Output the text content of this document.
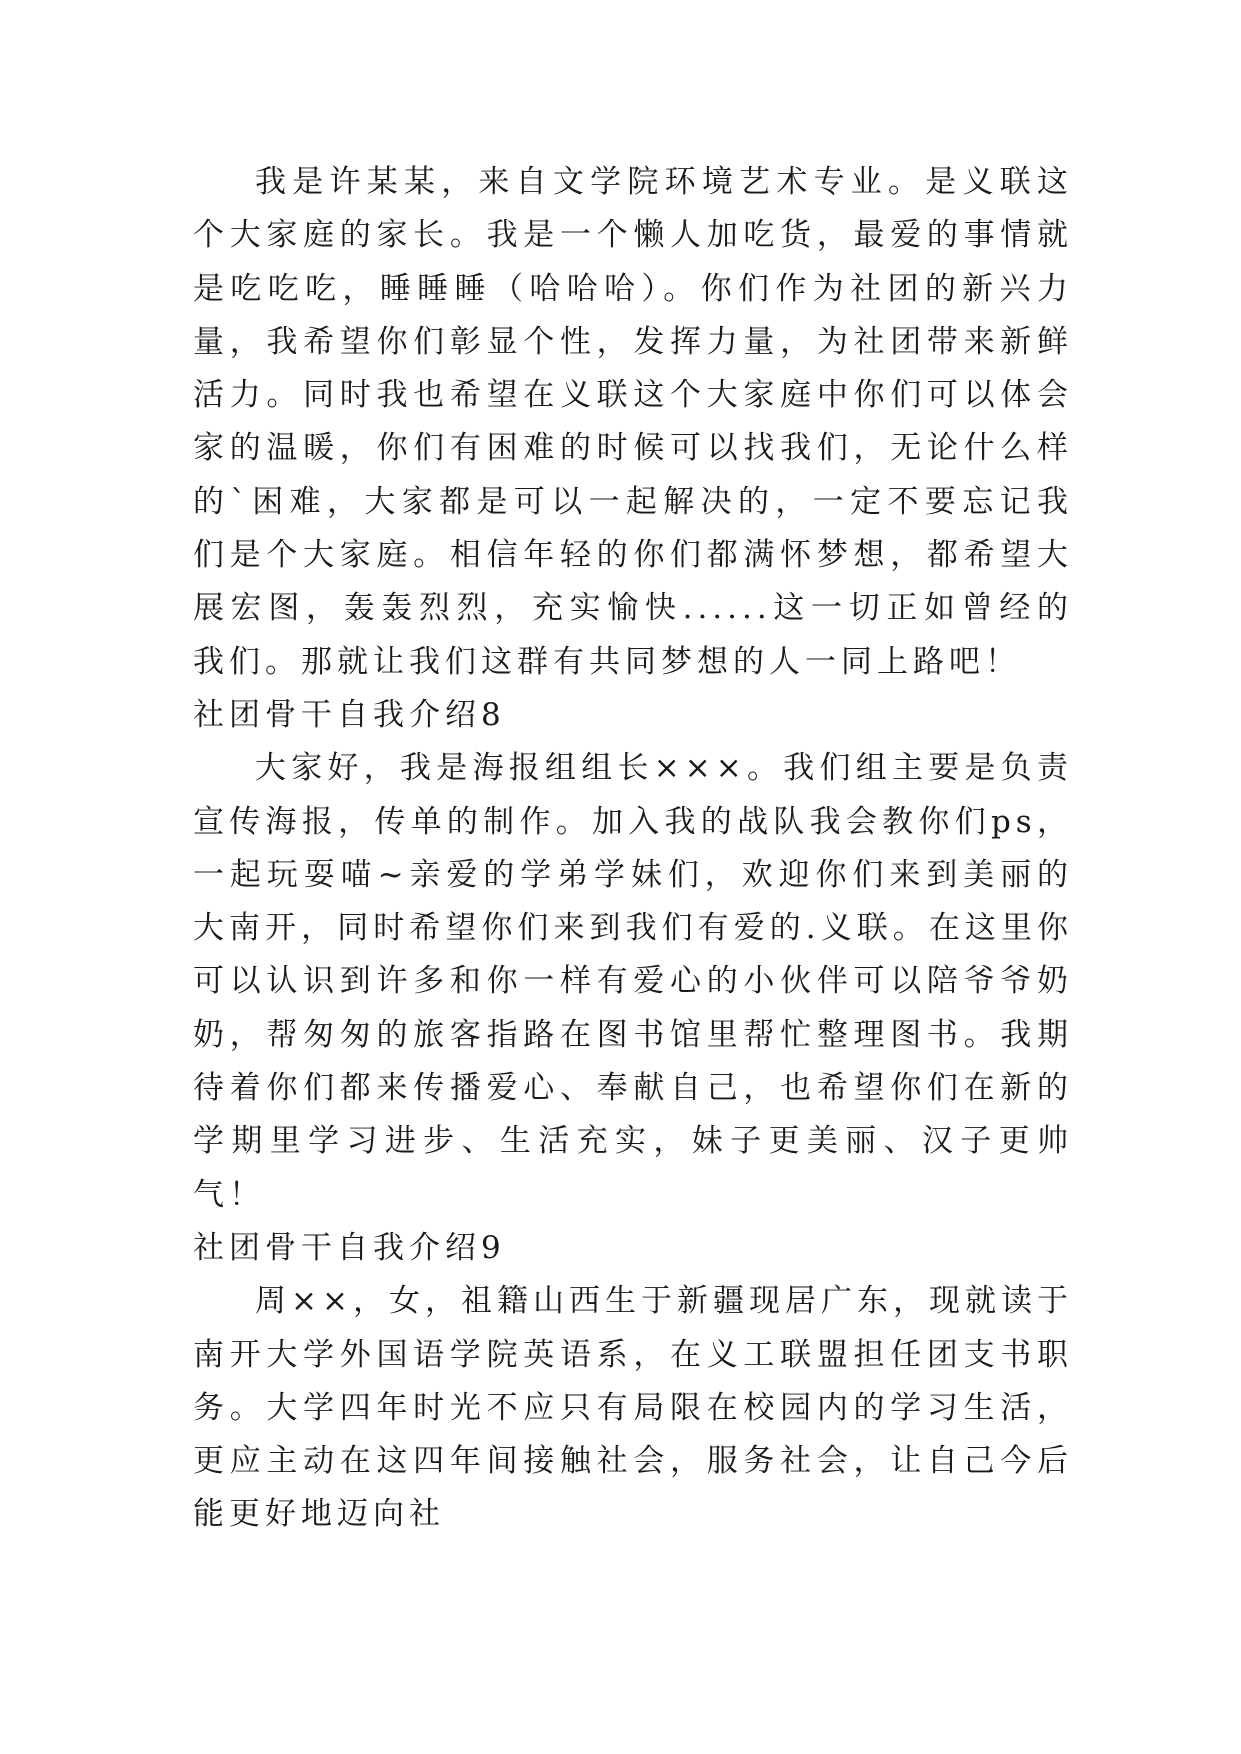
我是许某某，来自文学院环境艺术专业。是义联这个大家庭的家长。我是一个懒人加吃货，最爱的事情就是吃吃吃，睡睡睡（哈哈哈）。你们作为社团的新兴力量，我希望你们彰显个性，发挥力量，为社团带来新鲜活力。同时我也希望在义联这个大家庭中你们可以体会家的温暖，你们有困难的时候可以找我们，无论什么样的`困难，大家都是可以一起解决的，一定不要忘记我们是个大家庭。相信年轻的你们都满怀梦想，都希望大展宏图，轰轰烈烈，充实愉快......这一切正如曾经的我们。那就让我们这群有共同梦想的人一同上路吧！

社团骨干自我介绍8

大家好，我是海报组组长×××。我们组主要是负责宣传海报，传单的制作。加入我的战队我会教你们ps，一起玩耍喵~亲爱的学弟学妹们，欢迎你们来到美丽的大南开，同时希望你们来到我们有爱的.义联。在这里你可以认识到许多和你一样有爱心的小伙伴可以陪爷爷奶奶，帮匆匆的旅客指路在图书馆里帮忙整理图书。我期待着你们都来传播爱心、奉献自己，也希望你们在新的学期里学习进步、生活充实，妹子更美丽、汉子更帅气！

社团骨干自我介绍9

周××，女，祖籍山西生于新疆现居广东，现就读于南开大学外国语学院英语系，在义工联盟担任团支书职务。大学四年时光不应只有局限在校园内的学习生活，更应主动在这四年间接触社会，服务社会，让自己今后能更好地迈向社
